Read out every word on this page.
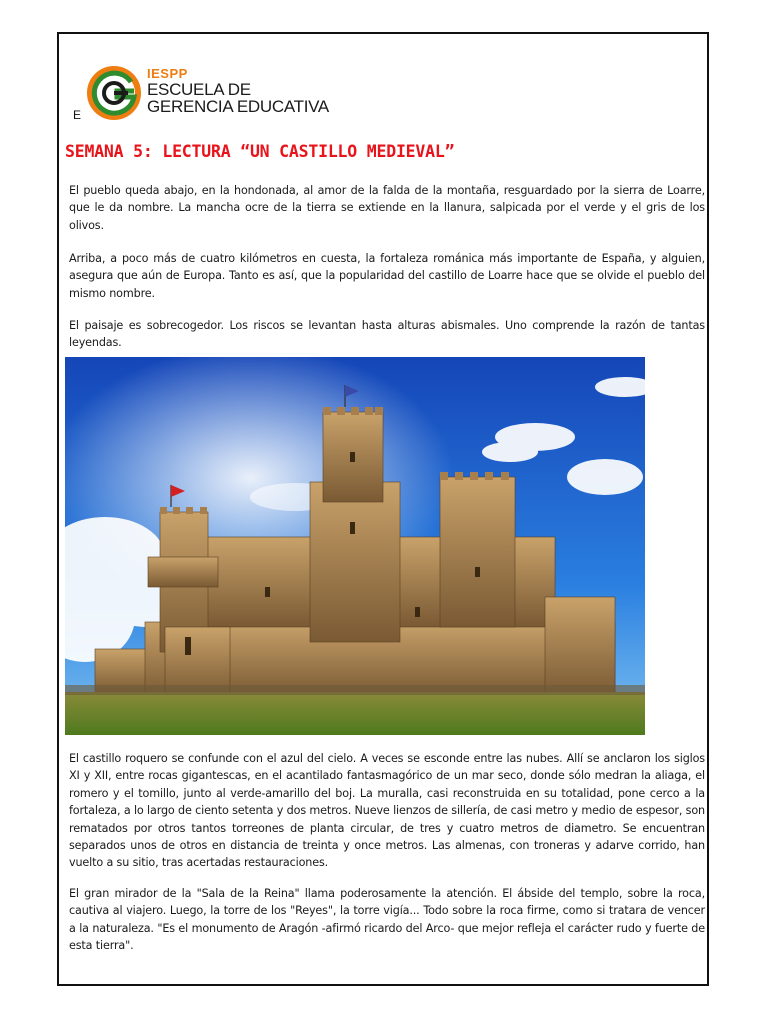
E
IESPP
ESCUELA DE
GERENCIA EDUCATIVA
SEMANA 5: LECTURA “UN CASTILLO MEDIEVAL”

El pueblo queda abajo, en la hondonada, al amor de la falda de la montaña, resguardado por la sierra de Loarre, que le da nombre. La mancha ocre de la tierra se extiende en la llanura, salpicada por el verde y el gris de los olivos.

Arriba, a poco más de cuatro kilómetros en cuesta, la fortaleza románica más importante de España, y alguien, asegura que aún de Europa. Tanto es así, que la popularidad del castillo de Loarre hace que se olvide el pueblo del mismo nombre.

El paisaje es sobrecogedor. Los riscos se levantan hasta alturas abismales. Uno comprende la razón de tantas leyendas.

El castillo roquero se confunde con el azul del cielo. A veces se esconde entre las nubes. Allí se anclaron los siglos XI y XII, entre rocas gigantescas, en el acantilado fantasmagórico de un mar seco, donde sólo medran la aliaga, el romero y el tomillo, junto al verde-amarillo del boj. La muralla, casi reconstruida en su totalidad, pone cerco a la fortaleza, a lo largo de ciento setenta y dos metros. Nueve lienzos de sillería, de casi metro y medio de espesor, son rematados por otros tantos torreones de planta circular, de tres y cuatro metros de diametro. Se encuentran separados unos de otros en distancia de treinta y once metros. Las almenas, con troneras y adarve corrido, han vuelto a su sitio, tras acertadas restauraciones.

El gran mirador de la "Sala de la Reina" llama poderosamente la atención. El ábside del templo, sobre la roca, cautiva al viajero. Luego, la torre de los "Reyes", la torre vigía... Todo sobre la roca firme, como si tratara de vencer a la naturaleza. "Es el monumento de Aragón -afirmó ricardo del Arco- que mejor refleja el carácter rudo y fuerte de esta tierra".
